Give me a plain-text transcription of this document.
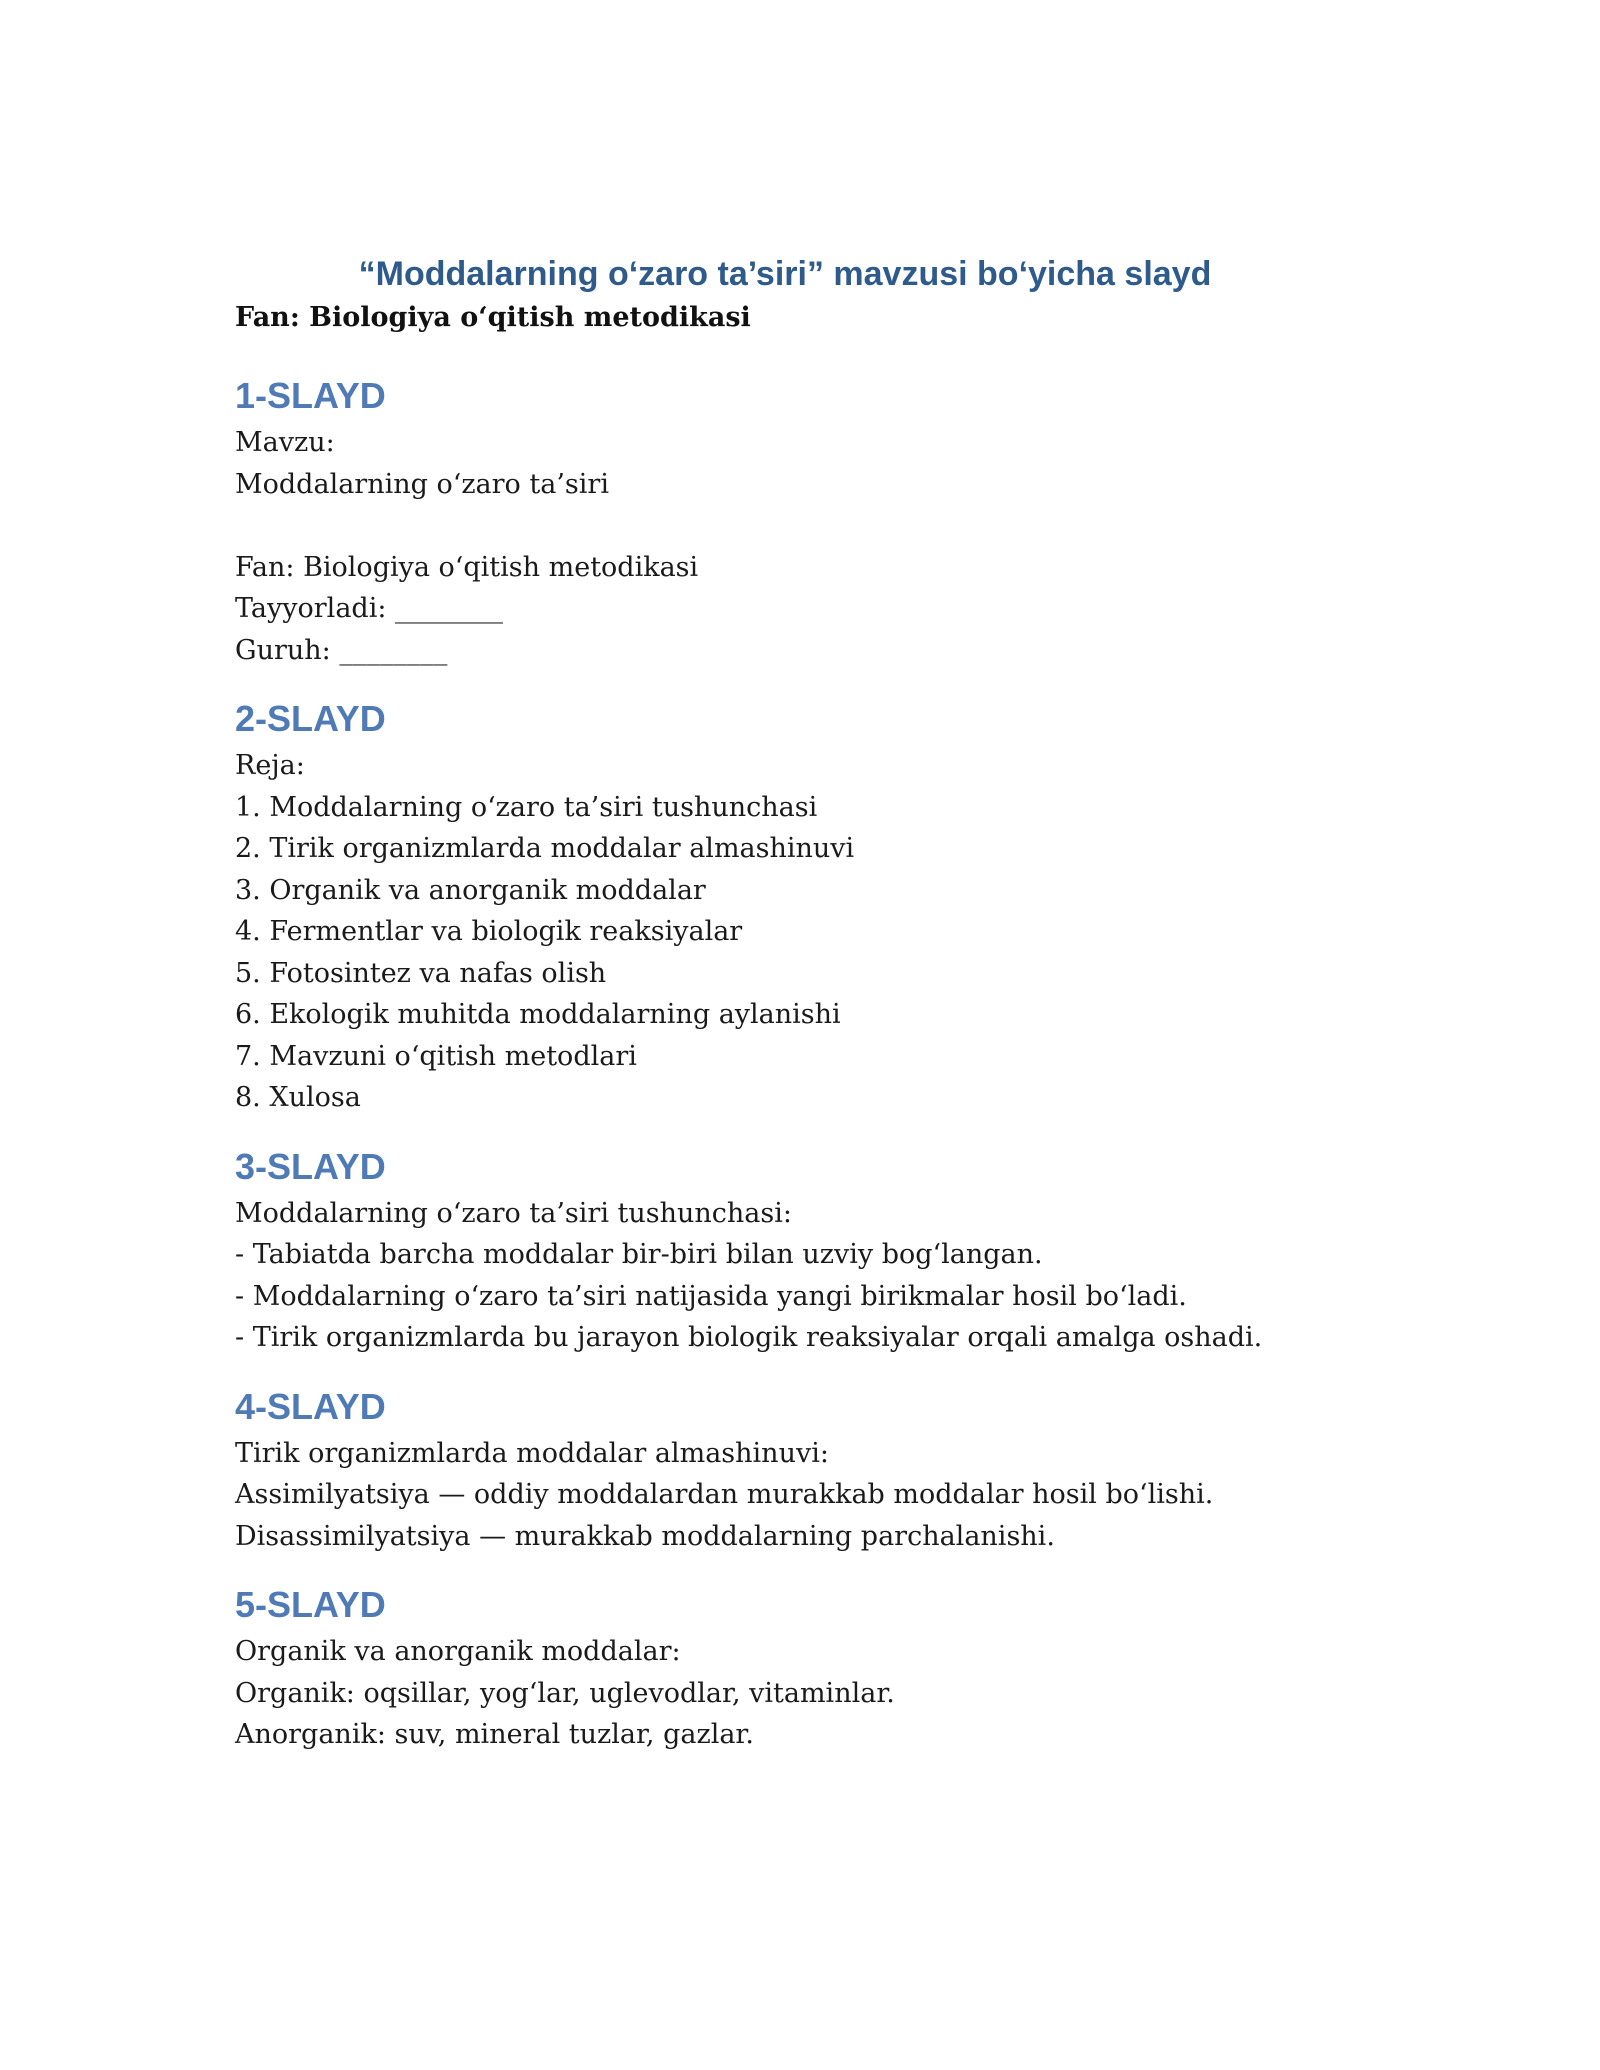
“Moddalarning o‘zaro ta’siri” mavzusi bo‘yicha slayd

Fan: Biologiya o‘qitish metodikasi

1-SLAYD

Mavzu:

Moddalarning o‘zaro ta’siri

Fan: Biologiya o‘qitish metodikasi

Tayyorladi: ________

Guruh: ________

2-SLAYD

Reja:

1. Moddalarning o‘zaro ta’siri tushunchasi

2. Tirik organizmlarda moddalar almashinuvi

3. Organik va anorganik moddalar

4. Fermentlar va biologik reaksiyalar

5. Fotosintez va nafas olish

6. Ekologik muhitda moddalarning aylanishi

7. Mavzuni o‘qitish metodlari

8. Xulosa

3-SLAYD

Moddalarning o‘zaro ta’siri tushunchasi:

- Tabiatda barcha moddalar bir-biri bilan uzviy bog‘langan.

- Moddalarning o‘zaro ta’siri natijasida yangi birikmalar hosil bo‘ladi.

- Tirik organizmlarda bu jarayon biologik reaksiyalar orqali amalga oshadi.

4-SLAYD

Tirik organizmlarda moddalar almashinuvi:

Assimilyatsiya — oddiy moddalardan murakkab moddalar hosil bo‘lishi.

Disassimilyatsiya — murakkab moddalarning parchalanishi.

5-SLAYD

Organik va anorganik moddalar:

Organik: oqsillar, yog‘lar, uglevodlar, vitaminlar.

Anorganik: suv, mineral tuzlar, gazlar.
